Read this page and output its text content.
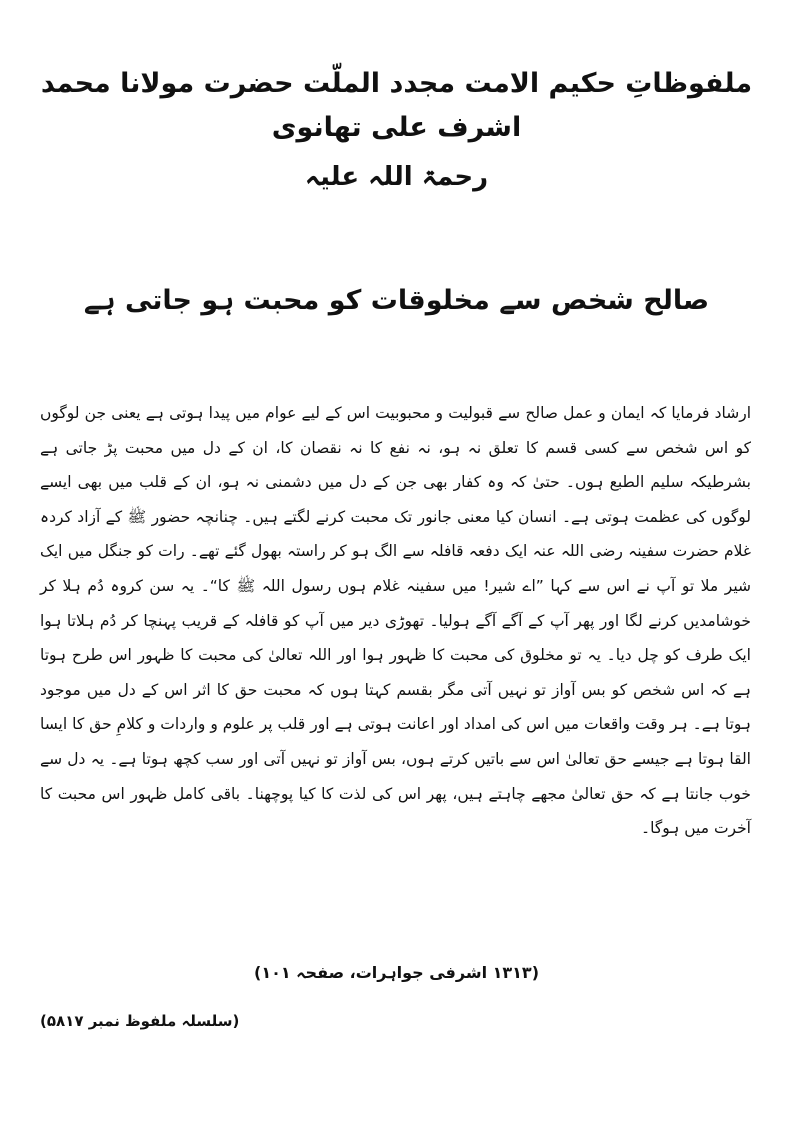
ملفوظاتِ حکیم الامت مجدد الملّت حضرت مولانا محمد اشرف علی تھانوی
رحمۃ اللہ علیہ
صالح شخص سے مخلوقات کو محبت ہو جاتی ہے

ارشاد فرمایا کہ ایمان و عمل صالح سے قبولیت و محبوبیت اس کے لیے عوام میں پیدا ہوتی ہے یعنی جن لوگوں کو اس شخص سے کسی قسم کا تعلق نہ ہو، نہ نفع کا نہ نقصان کا، ان کے دل میں محبت پڑ جاتی ہے بشرطیکہ سلیم الطبع ہوں۔ حتیٰ کہ وہ کفار بھی جن کے دل میں دشمنی نہ ہو، ان کے قلب میں بھی ایسے لوگوں کی عظمت ہوتی ہے۔ انسان کیا معنی جانور تک محبت کرنے لگتے ہیں۔ چنانچہ حضور ﷺ کے آزاد کردہ غلام حضرت سفینہ رضی اللہ عنہ ایک دفعہ قافلہ سے الگ ہو کر راستہ بھول گئے تھے۔ رات کو جنگل میں ایک شیر ملا تو آپ نے اس سے کہا ”اے شیر! میں سفینہ غلام ہوں رسول اللہ ﷺ کا“۔ یہ سن کروہ دُم ہلا کر خوشامدیں کرنے لگا اور پھر آپ کے آگے آگے ہولیا۔ تھوڑی دیر میں آپ کو قافلہ کے قریب پہنچا کر دُم ہلاتا ہوا ایک طرف کو چل دیا۔ یہ تو مخلوق کی محبت کا ظہور ہوا اور اللہ تعالیٰ کی محبت کا ظہور اس طرح ہوتا ہے کہ اس شخص کو بس آواز تو نہیں آتی مگر بقسم کہتا ہوں کہ محبت حق کا اثر اس کے دل میں موجود ہوتا ہے۔ ہر وقت واقعات میں اس کی امداد اور اعانت ہوتی ہے اور قلب پر علوم و واردات و کلامِ حق کا ایسا القا ہوتا ہے جیسے حق تعالیٰ اس سے باتیں کرتے ہوں، بس آواز تو نہیں آتی اور سب کچھ ہوتا ہے۔ یہ دل سے خوب جانتا ہے کہ حق تعالیٰ مجھے چاہتے ہیں، پھر اس کی لذت کا کیا پوچھنا۔ باقی کامل ظہور اس محبت کا آخرت میں ہوگا۔

(۱۳۱۳ اشرفی جواہرات، صفحہ ۱۰۱)

(سلسلہ ملفوظ نمبر ۵۸۱۷)
